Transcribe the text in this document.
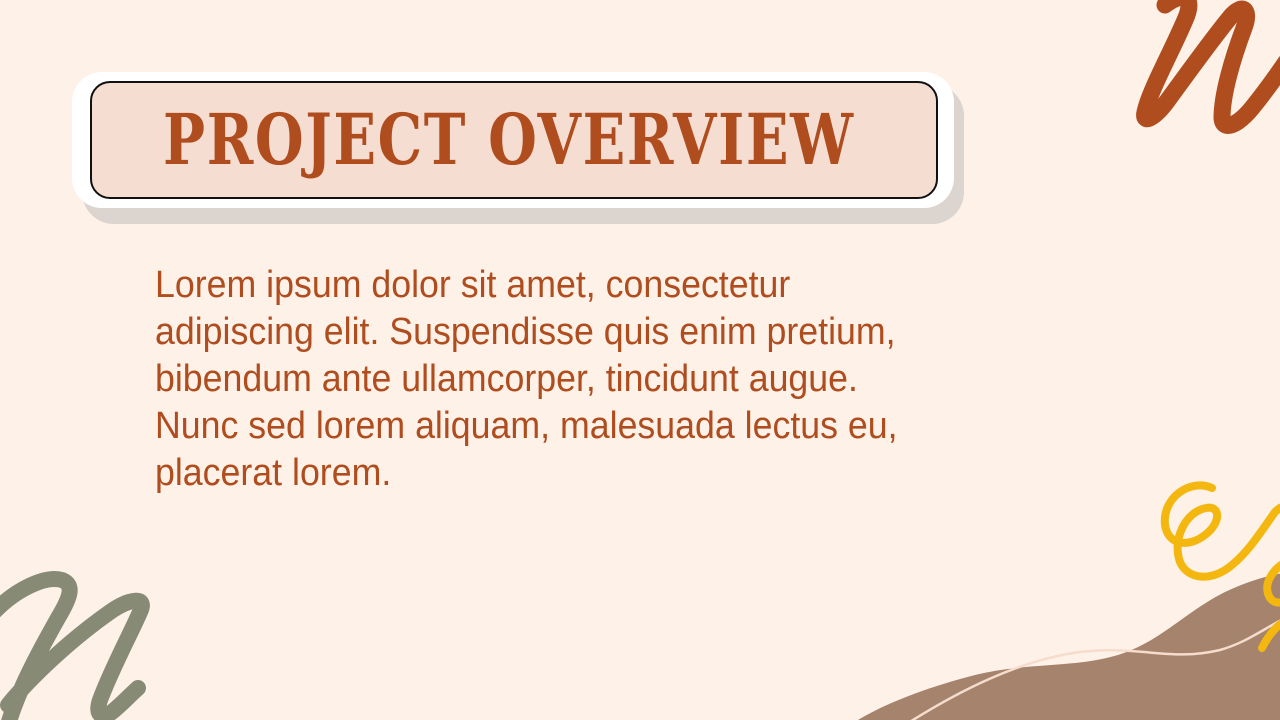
PROJECT OVERVIEW

Lorem ipsum dolor sit amet, consectetur adipiscing elit. Suspendisse quis enim pretium, bibendum ante ullamcorper, tincidunt augue. Nunc sed lorem aliquam, malesuada lectus eu, placerat lorem.
